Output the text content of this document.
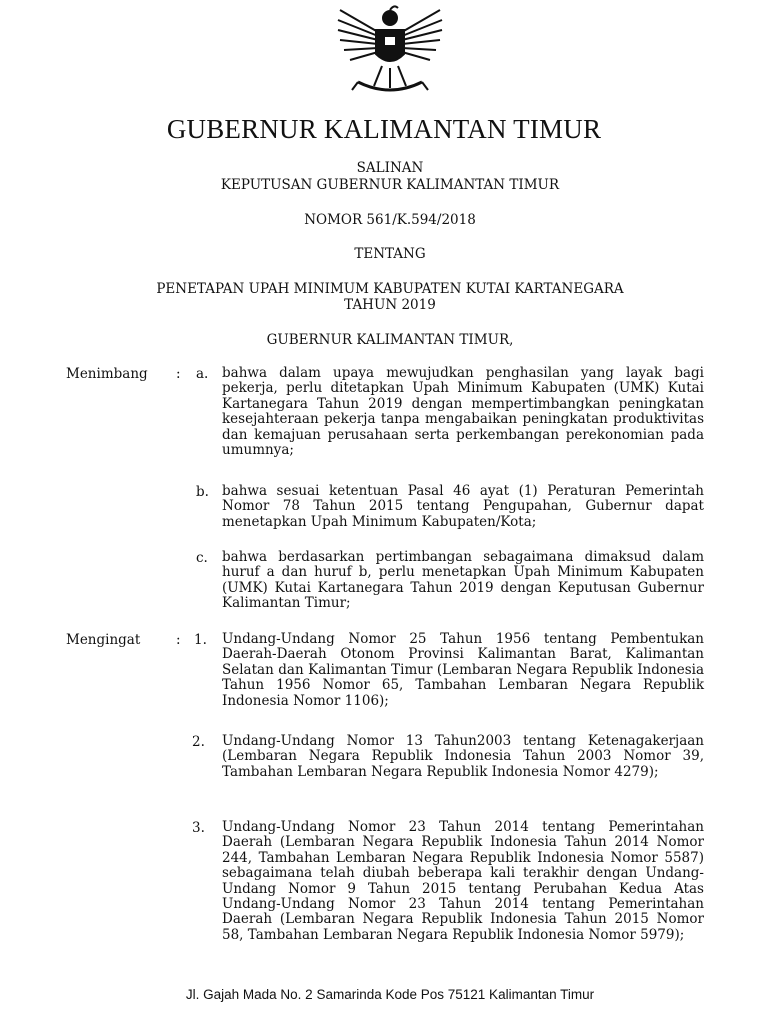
GUBERNUR KALIMANTAN TIMUR
SALINAN
KEPUTUSAN GUBERNUR KALIMANTAN TIMUR
NOMOR 561/K.594/2018
TENTANG
PENETAPAN UPAH MINIMUM KABUPATEN KUTAI KARTANEGARA
TAHUN 2019
GUBERNUR KALIMANTAN TIMUR,
Menimbang : a. bahwa dalam upaya mewujudkan penghasilan yang layak bagi pekerja, perlu ditetapkan Upah Minimum Kabupaten (UMK) Kutai Kartanegara Tahun 2019 dengan mempertimbangkan peningkatan kesejahteraan pekerja tanpa mengabaikan peningkatan produktivitas dan kemajuan perusahaan serta perkembangan perekonomian pada umumnya;
b. bahwa sesuai ketentuan Pasal 46 ayat (1) Peraturan Pemerintah Nomor 78 Tahun 2015 tentang Pengupahan, Gubernur dapat menetapkan Upah Minimum Kabupaten/Kota;
c. bahwa berdasarkan pertimbangan sebagaimana dimaksud dalam huruf a dan huruf b, perlu menetapkan Upah Minimum Kabupaten (UMK) Kutai Kartanegara Tahun 2019 dengan Keputusan Gubernur Kalimantan Timur;
Mengingat	: 1. Undang-Undang Nomor 25 Tahun 1956 tentang Pembentukan Daerah-Daerah Otonom Provinsi Kalimantan Barat, Kalimantan Selatan dan Kalimantan Timur (Lembaran Negara Republik Indonesia Tahun 1956 Nomor 65, Tambahan Lembaran Negara Republik Indonesia Nomor 1106);
2. Undang-Undang Nomor 13 Tahun2003 tentang Ketenagakerjaan (Lembaran Negara Republik Indonesia Tahun 2003 Nomor 39, Tambahan Lembaran Negara Republik Indonesia Nomor 4279);
3. Undang-Undang Nomor 23 Tahun 2014 tentang Pemerintahan Daerah (Lembaran Negara Republik Indonesia Tahun 2014 Nomor 244, Tambahan Lembaran Negara Republik Indonesia Nomor 5587) sebagaimana telah diubah beberapa kali terakhir dengan Undang-Undang Nomor 9 Tahun 2015 tentang Perubahan Kedua Atas Undang-Undang Nomor 23 Tahun 2014 tentang Pemerintahan Daerah (Lembaran Negara Republik Indonesia Tahun 2015 Nomor 58, Tambahan Lembaran Negara Republik Indonesia Nomor 5979);
Jl. Gajah Mada No. 2 Samarinda Kode Pos 75121 Kalimantan Timur
